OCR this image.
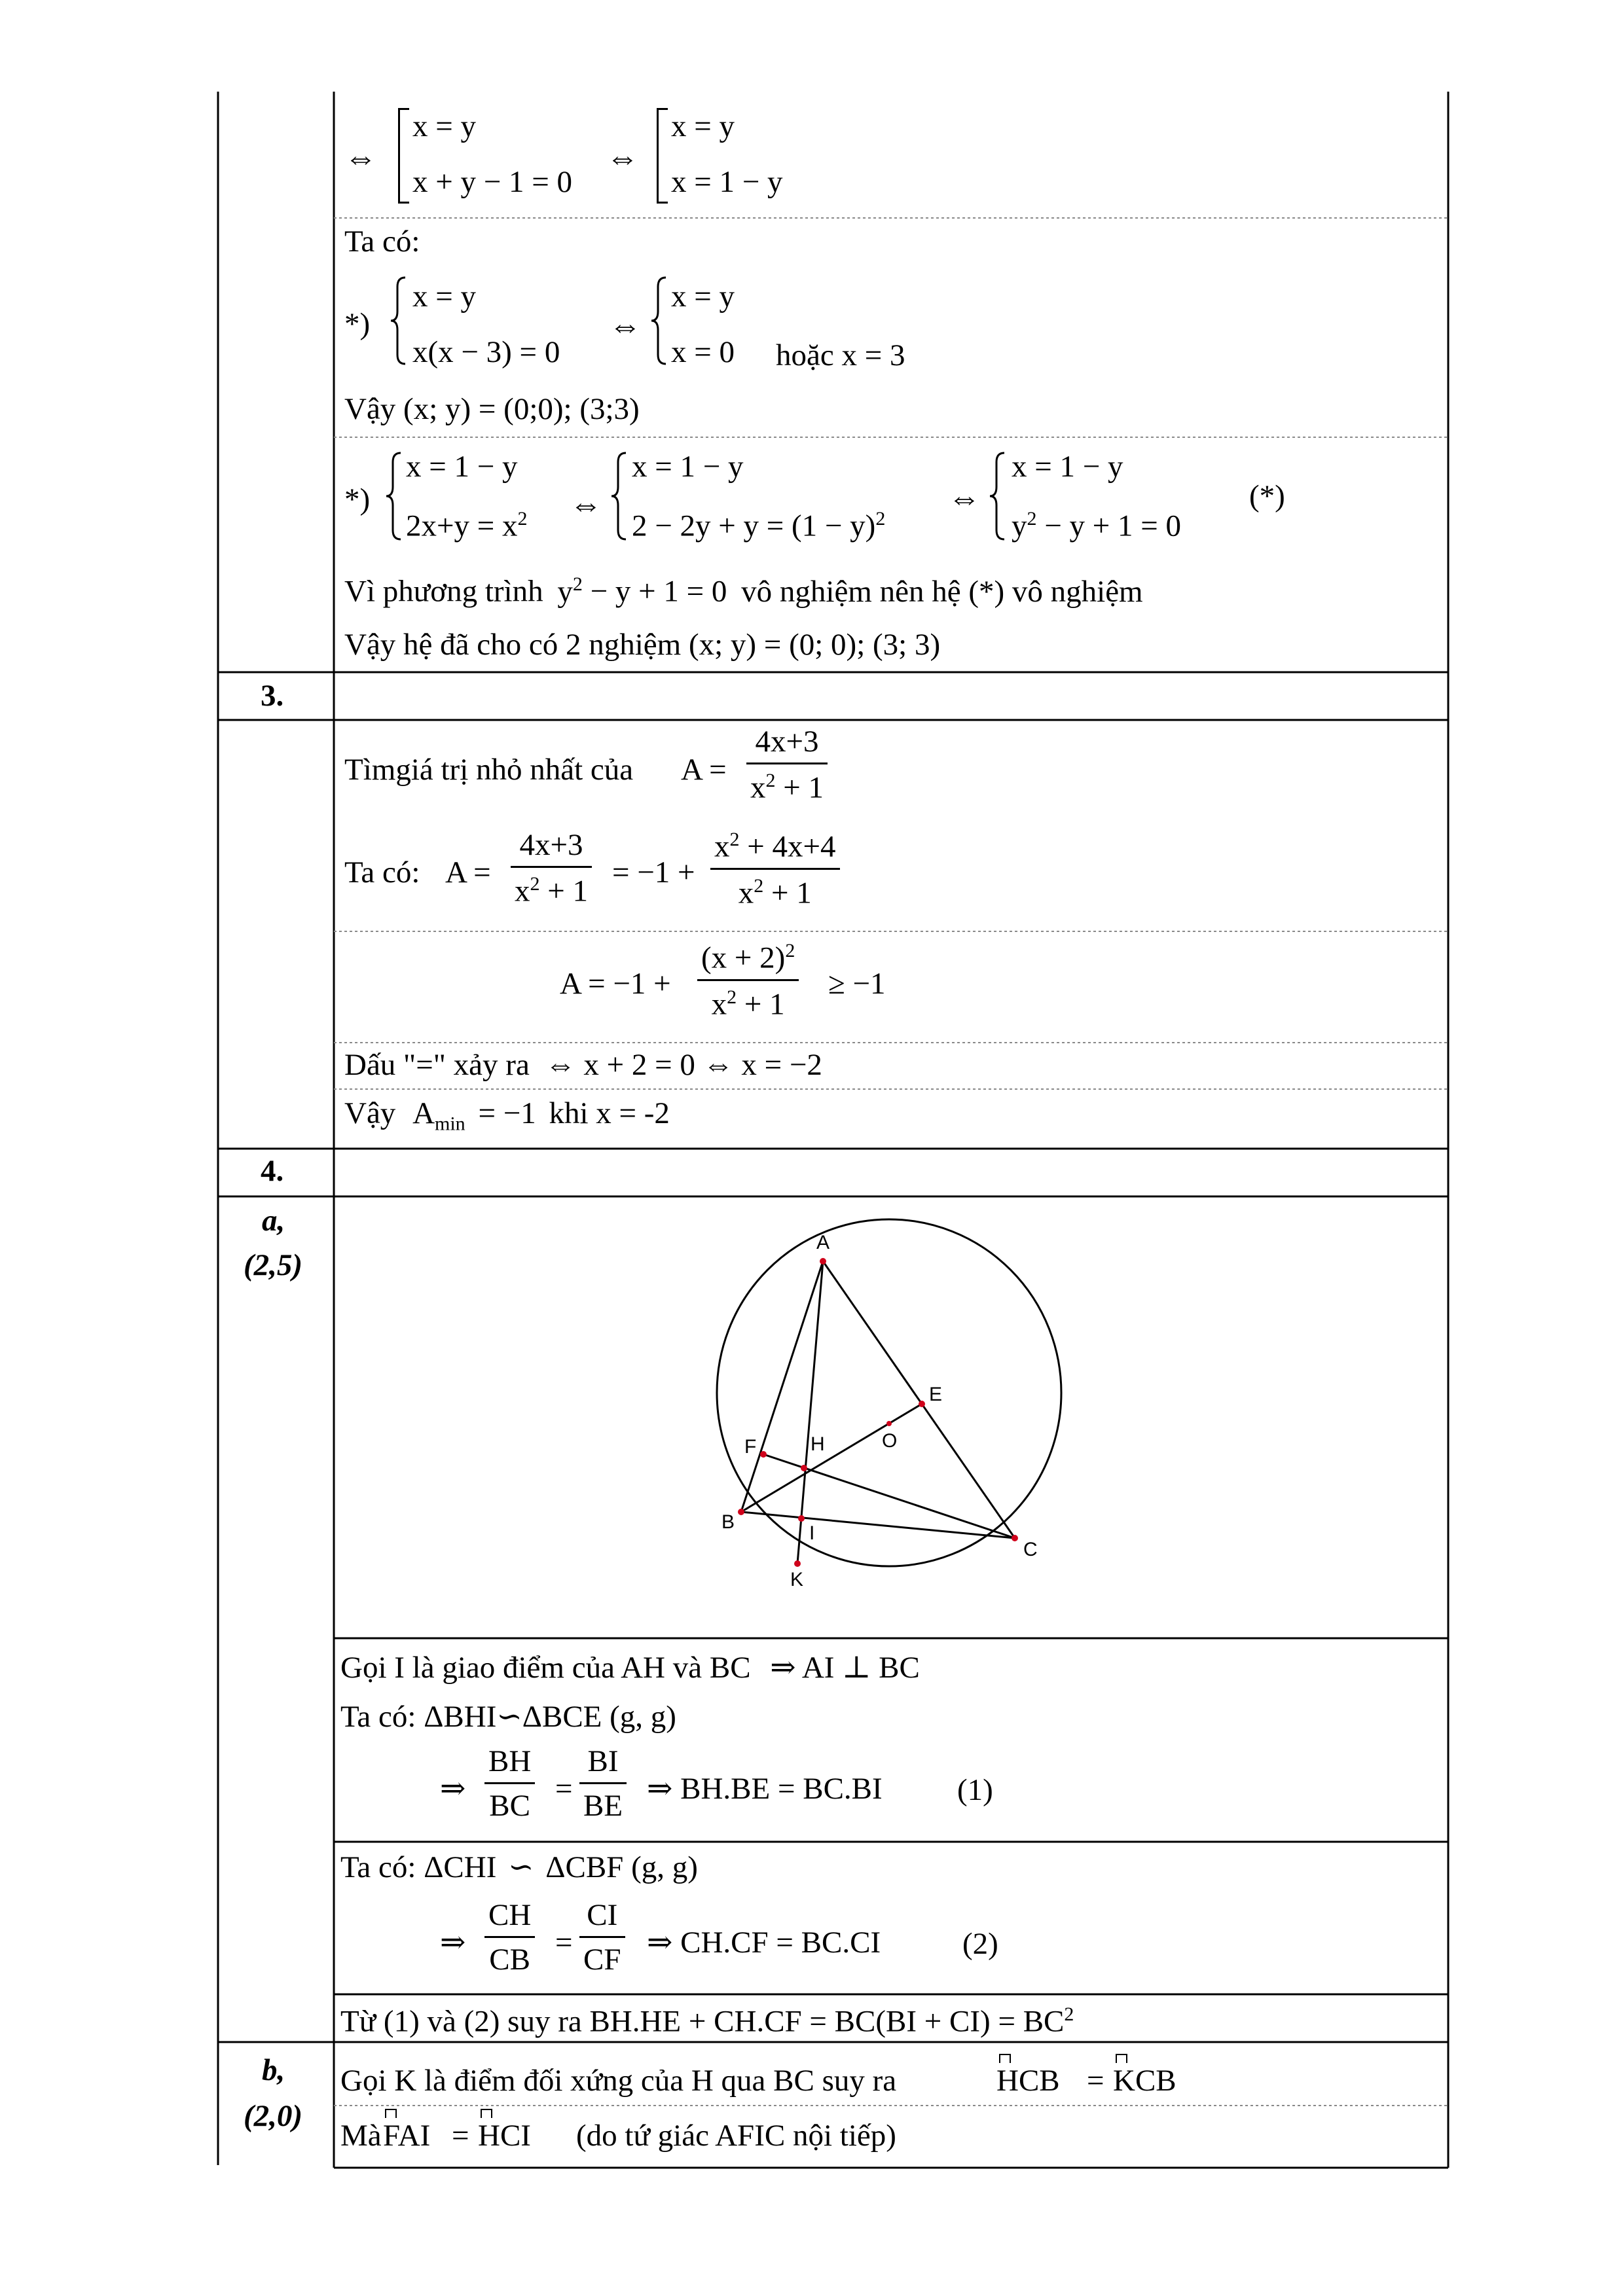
⇔
x = y
x + y − 1 = 0
⇔
x = y
x = 1 − y
Ta có:
*)
x = y
x(x − 3) = 0
⇔
x = y
x = 0 hoặc x = 3
Vậy (x; y) = (0;0); (3;3)
*)
x = 1 − y
$2x+y = x^2$ ⇔
x = 1 − y
$2 - 2y + y = (1 - y)^2$
⇔
x = 1 − y
$y^2 - y + 1 = 0$
(*)
Vì phương trình $y^2 - y + 1 = 0$ vô nghiệm nên hệ (*) vô nghiệm
Vậy hệ đã cho có 2 nghiệm (x; y) = (0; 0); (3; 3)
3.
Tìmgiá trị nhỏ nhất của $A = \frac{4x+3}{x^2 + 1}$
Ta có: $A = \frac{4x+3}{x^2 + 1} = -1 + \frac{x^2 + 4x+4}{x^2 + 1}$
$A = -1 + \frac{(x + 2)^2}{x^2 + 1} \ge -1$
Dấu "=" xảy ra ⇔ x + 2 = 0 ⇔ x = −2
Vậy $A_{min} = -1$ khi x = -2
4.
a,
(2,5)
A
E
O
F	H
B
I
C
K
Gọi I là giao điểm của AH và BC ⇒ AI ⊥ BC
Ta có: ΔBHI∽ΔBCE (g, g)
⇒ $\frac{BH}{BC} = \frac{BI}{BE}$ ⇒ BH.BE = BC.BI (1)
Ta có: ΔCHI ∽ ΔCBF (g, g)
⇒ $\frac{CH}{CB} = \frac{CI}{CF}$ ⇒ CH.CF = BC.CI	(2)
Từ (1) và (2) suy ra $BH.HE + CH.CF = BC(BI + CI) = BC^2$
b,
(2,0)
Gọi K là điểm đối xứng của H qua BC suy ra	HCB = KCB
Mà FAI = HCI (do tứ giác AFIC nội tiếp)
